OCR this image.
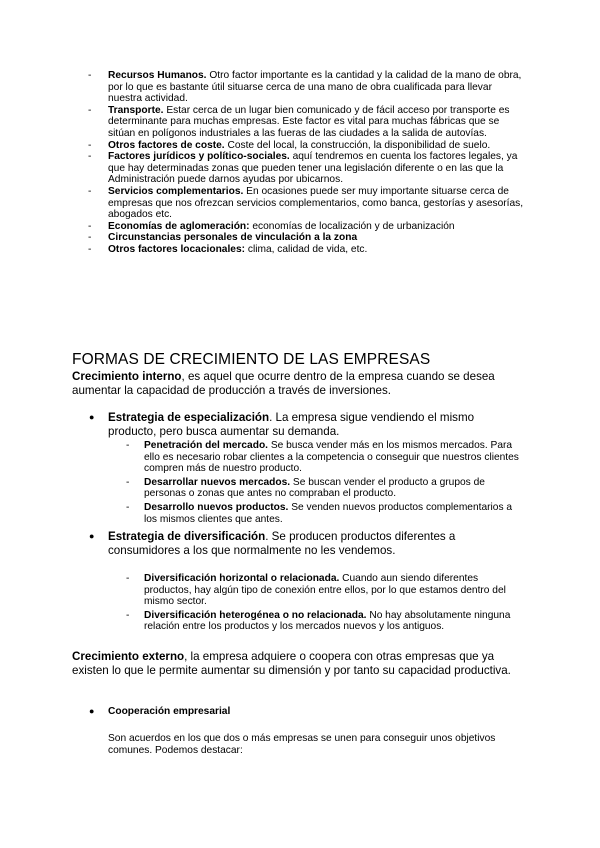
- Recursos Humanos. Otro factor importante es la cantidad y la calidad de la mano de obra, por lo que es bastante útil situarse cerca de una mano de obra cualificada para llevar nuestra actividad.

- Transporte. Estar cerca de un lugar bien comunicado y de fácil acceso por transporte es determinante para muchas empresas. Este factor es vital para muchas fábricas que se sitúan en polígonos industriales a las fueras de las ciudades a la salida de autovías.

- Otros factores de coste. Coste del local, la construcción, la disponibilidad de suelo.

- Factores jurídicos y político-sociales. aquí tendremos en cuenta los factores legales, ya que hay determinadas zonas que pueden tener una legislación diferente o en las que la Administración puede darnos ayudas por ubicarnos.

- Servicios complementarios. En ocasiones puede ser muy importante situarse cerca de empresas que nos ofrezcan servicios complementarios, como banca, gestorías y asesorías, abogados etc.

- Economías de aglomeración: economías de localización y de urbanización

- Circunstancias personales de vinculación a la zona

- Otros factores locacionales: clima, calidad de vida, etc.

FORMAS DE CRECIMIENTO DE LAS EMPRESAS

Crecimiento interno, es aquel que ocurre dentro de la empresa cuando se desea aumentar la capacidad de producción a través de inversiones.

● Estrategia de especialización. La empresa sigue vendiendo el mismo producto, pero busca aumentar su demanda.

- Penetración del mercado. Se busca vender más en los mismos mercados. Para ello es necesario robar clientes a la competencia o conseguir que nuestros clientes compren más de nuestro producto.

- Desarrollar nuevos mercados. Se buscan vender el producto a grupos de personas o zonas que antes no compraban el producto.

- Desarrollo nuevos productos. Se venden nuevos productos complementarios a los mismos clientes que antes.

● Estrategia de diversificación. Se producen productos diferentes a consumidores a los que normalmente no les vendemos.

- Diversificación horizontal o relacionada. Cuando aun siendo diferentes productos, hay algún tipo de conexión entre ellos, por lo que estamos dentro del mismo sector.

- Diversificación heterogénea o no relacionada. No hay absolutamente ninguna relación entre los productos y los mercados nuevos y los antiguos.

Crecimiento externo, la empresa adquiere o coopera con otras empresas que ya existen lo que le permite aumentar su dimensión y por tanto su capacidad productiva.

● Cooperación empresarial

Son acuerdos en los que dos o más empresas se unen para conseguir unos objetivos comunes. Podemos destacar:
